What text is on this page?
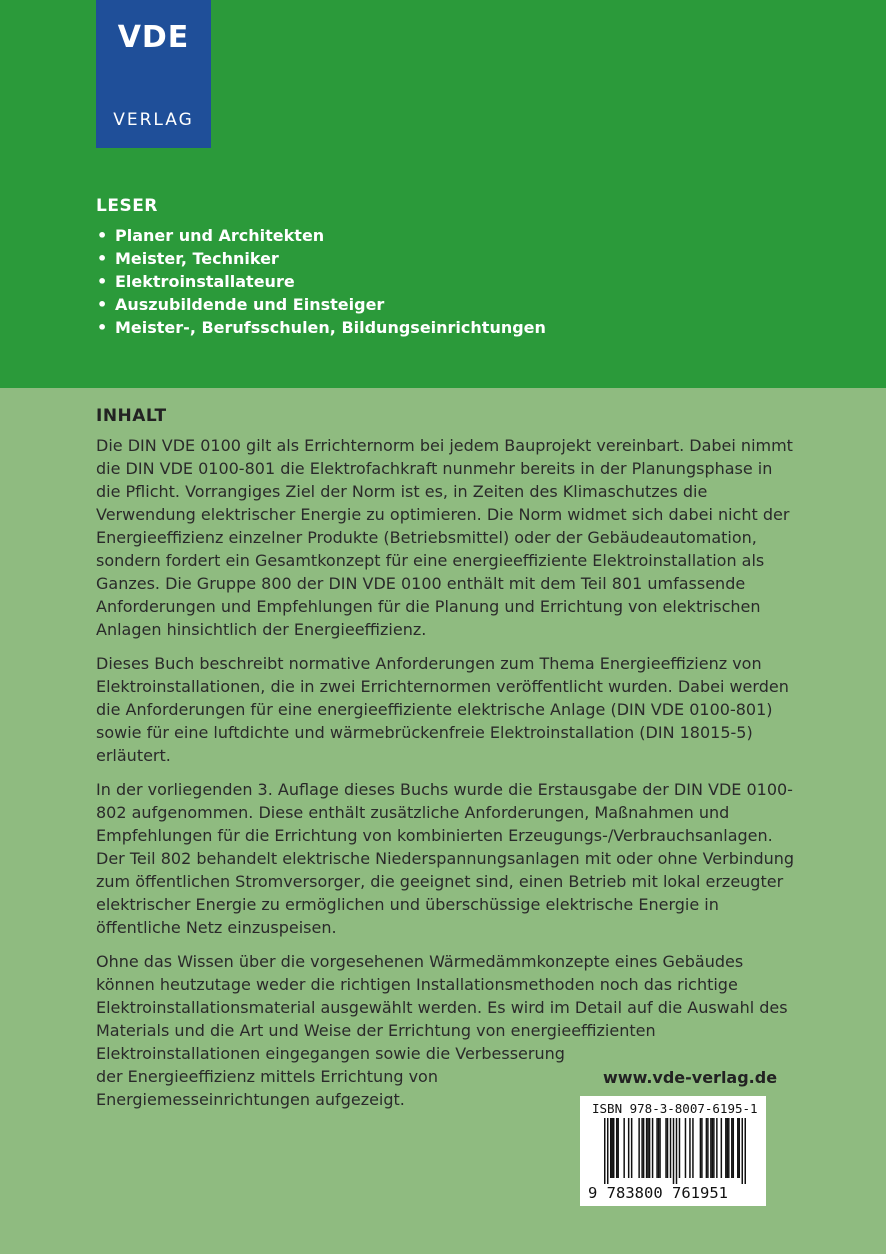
VDE
VERLAG
LESER
• Planer und Architekten
• Meister, Techniker
• Elektroinstallateure
• Auszubildende und Einsteiger
• Meister-, Berufsschulen, Bildungseinrichtungen
INHALT

Die DIN VDE 0100 gilt als Errichternorm bei jedem Bauprojekt vereinbart. Dabei nimmt die DIN VDE 0100-801 die Elektrofachkraft nunmehr bereits in der Planungsphase in die Pflicht. Vorrangiges Ziel der Norm ist es, in Zeiten des Klimaschutzes die Verwendung elektrischer Energie zu optimieren. Die Norm widmet sich dabei nicht der Energieeffizienz einzelner Produkte (Betriebsmittel) oder der Gebäudeautomation, sondern fordert ein Gesamtkonzept für eine energieeffiziente Elektroinstallation als Ganzes. Die Gruppe 800 der DIN VDE 0100 enthält mit dem Teil 801 umfassende Anforderungen und Empfehlungen für die Planung und Errichtung von elektrischen Anlagen hinsichtlich der Energieeffizienz.

Dieses Buch beschreibt normative Anforderungen zum Thema Energieeffizienz von Elektroinstallationen, die in zwei Errichternormen veröffentlicht wurden. Dabei werden die Anforderungen für eine energieeffiziente elektrische Anlage (DIN VDE 0100-801) sowie für eine luftdichte und wärmebrückenfreie Elektroinstallation (DIN 18015-5) erläutert.

In der vorliegenden 3. Auflage dieses Buchs wurde die Erstausgabe der DIN VDE 0100-802 aufgenommen. Diese enthält zusätzliche Anforderungen, Maßnahmen und Empfehlungen für die Errichtung von kombinierten Erzeugungs-/Verbrauchsanlagen. Der Teil 802 behandelt elektrische Niederspannungsanlagen mit oder ohne Verbindung zum öffentlichen Stromversorger, die geeignet sind, einen Betrieb mit lokal erzeugter elektrischer Energie zu ermöglichen und überschüssige elektrische Energie in öffentliche Netz einzuspeisen.

Ohne das Wissen über die vorgesehenen Wärmedämmkonzepte eines Gebäudes können heutzutage weder die richtigen Installationsmethoden noch das richtige Elektroinstallationsmaterial ausgewählt werden. Es wird im Detail auf die Auswahl des Materials und die Art und Weise der Errichtung von energieeffizienten Elektroinstallationen eingegangen sowie die Verbesserung
der Energieeffizienz mittels Errichtung von Energiemesseinrichtungen aufgezeigt.

www.vde-verlag.de
ISBN 978-3-8007-6195-1
9 783800 761951
